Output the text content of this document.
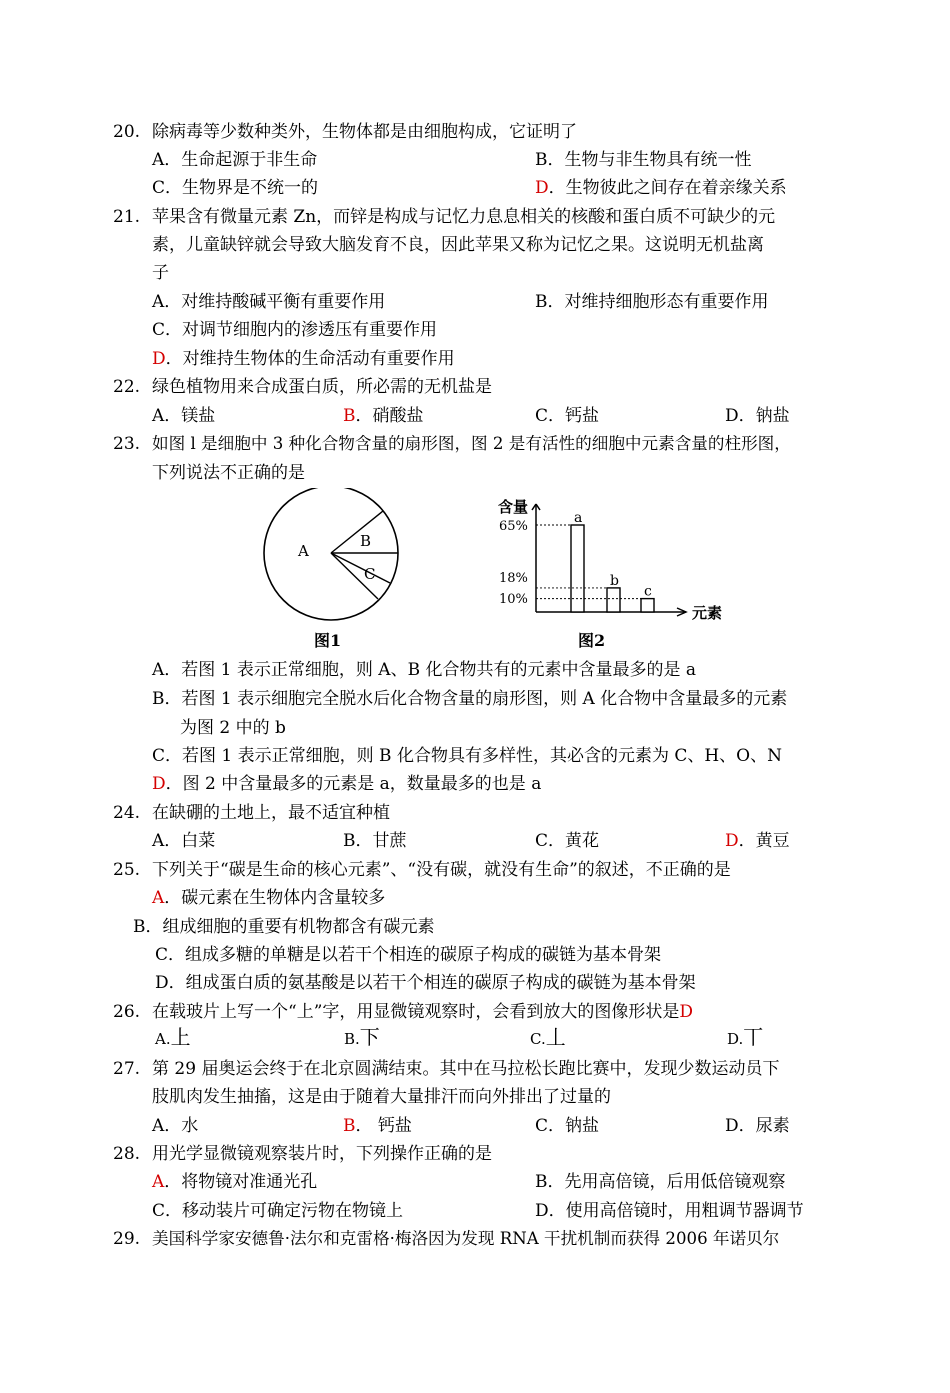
20. 除病毒等少数种类外，生物体都是由细胞构成，它证明了
A．生命起源于非生命	B．生物与非生物具有统一性
C．生物界是不统一的	D．生物彼此之间存在着亲缘关系
21. 苹果含有微量元素 Zn，而锌是构成与记忆力息息相关的核酸和蛋白质不可缺少的元
素，儿童缺锌就会导致大脑发育不良，因此苹果又称为记忆之果。这说明无机盐离
子
A．对维持酸碱平衡有重要作用	B．对维持细胞形态有重要作用
C．对调节细胞内的渗透压有重要作用
D．对维持生物体的生命活动有重要作用
22. 绿色植物用来合成蛋白质，所必需的无机盐是
A．镁盐	B．硝酸盐	C．钙盐	D．钠盐
23. 如图 l 是细胞中 3 种化合物含量的扇形图，图 2 是有活性的细胞中元素含量的柱形图，
下列说法不正确的是
A
B
C
图1
含量
元素
65%
18%
10%
a
b
c
图2
A．若图 1 表示正常细胞，则 A、B 化合物共有的元素中含量最多的是 a
B．若图 1 表示细胞完全脱水后化合物含量的扇形图，则 A 化合物中含量最多的元素
为图 2 中的 b
C．若图 1 表示正常细胞，则 B 化合物具有多样性，其必含的元素为 C、H、O、N
D．图 2 中含量最多的元素是 a，数量最多的也是 a
24. 在缺硼的土地上，最不适宜种植
A．白菜	B．甘蔗	C．黄花	D．黄豆
25. 下列关于“碳是生命的核心元素”、“没有碳，就没有生命”的叙述，不正确的是
A．碳元素在生物体内含量较多
B．组成细胞的重要有机物都含有碳元素
C．组成多糖的单糖是以若干个相连的碳原子构成的碳链为基本骨架
D．组成蛋白质的氨基酸是以若干个相连的碳原子构成的碳链为基本骨架
26. 在载玻片上写一个“上”字，用显微镜观察时，会看到放大的图像形状是D
A.上	B.下	C.丄	D.丅
27. 第 29 届奥运会终于在北京圆满结束。其中在马拉松长跑比赛中，发现少数运动员下
肢肌肉发生抽搐，这是由于随着大量排汗而向外排出了过量的
A．水	B． 钙盐	C．钠盐	D．尿素
28. 用光学显微镜观察装片时，下列操作正确的是
A．将物镜对准通光孔	B．先用高倍镜，后用低倍镜观察
C．移动装片可确定污物在物镜上	D．使用高倍镜时，用粗调节器调节
29. 美国科学家安德鲁·法尔和克雷格·梅洛因为发现 RNA 干扰机制而获得 2006 年诺贝尔
